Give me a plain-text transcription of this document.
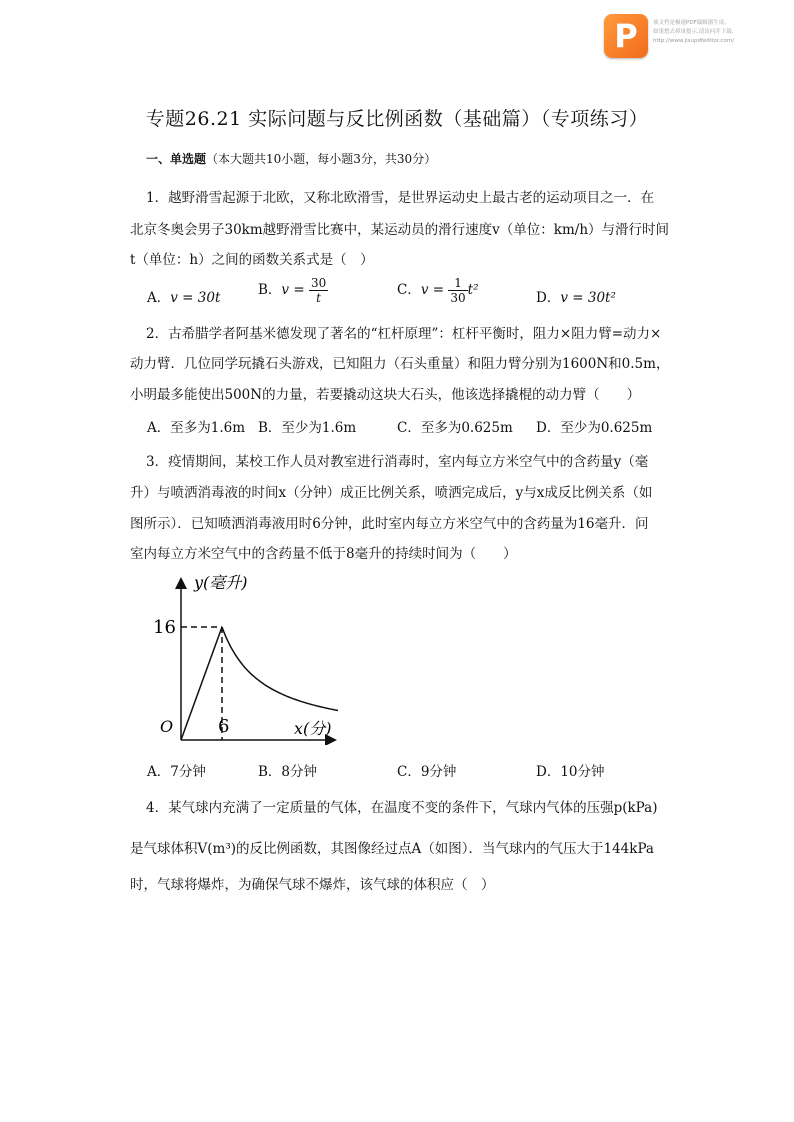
P	该文档是极速PDF编辑器生成,
如果想去掉该提示,请访问并下载:
http://www.jisupdfeditor.com/
专题26.21 实际问题与反比例函数（基础篇）（专项练习）
一、单选题（本大题共10小题，每小题3分，共30分）
1．越野滑雪起源于北欧，又称北欧滑雪，是世界运动史上最古老的运动项目之一．在
北京冬奥会男子30km越野滑雪比赛中，某运动员的滑行速度v（单位：km/h）与滑行时间
t（单位：h）之间的函数关系式是（　）
A．v = 30t	B．$v = \frac{30}{t}$	C．$v = \frac{1}{30} t^2$	D．v = 30t²
2．古希腊学者阿基米德发现了著名的“杠杆原理”：杠杆平衡时，阻力×阻力臂=动力×
动力臂．几位同学玩撬石头游戏，已知阻力（石头重量）和阻力臂分别为1600N和0.5m，
小明最多能使出500N的力量，若要撬动这块大石头，他该选择撬棍的动力臂（　　）
A．至多为1.6m B．至少为1.6m	C．至多为0.625m D．至少为0.625m
3．疫情期间，某校工作人员对教室进行消毒时，室内每立方米空气中的含药量y（毫
升）与喷洒消毒液的时间x（分钟）成正比例关系，喷洒完成后，y与x成反比例关系（如
图所示）．已知喷洒消毒液用时6分钟，此时室内每立方米空气中的含药量为16毫升．问
室内每立方米空气中的含药量不低于8毫升的持续时间为（　　）
y(毫升)
x(分)
O
16
6
A．7分钟	B．8分钟	C．9分钟	D．10分钟
4．某气球内充满了一定质量的气体，在温度不变的条件下，气球内气体的压强p(kPa)
是气球体积V(m³)的反比例函数，其图像经过点A（如图）．当气球内的气压大于144kPa
时，气球将爆炸，为确保气球不爆炸，该气球的体积应（　）
